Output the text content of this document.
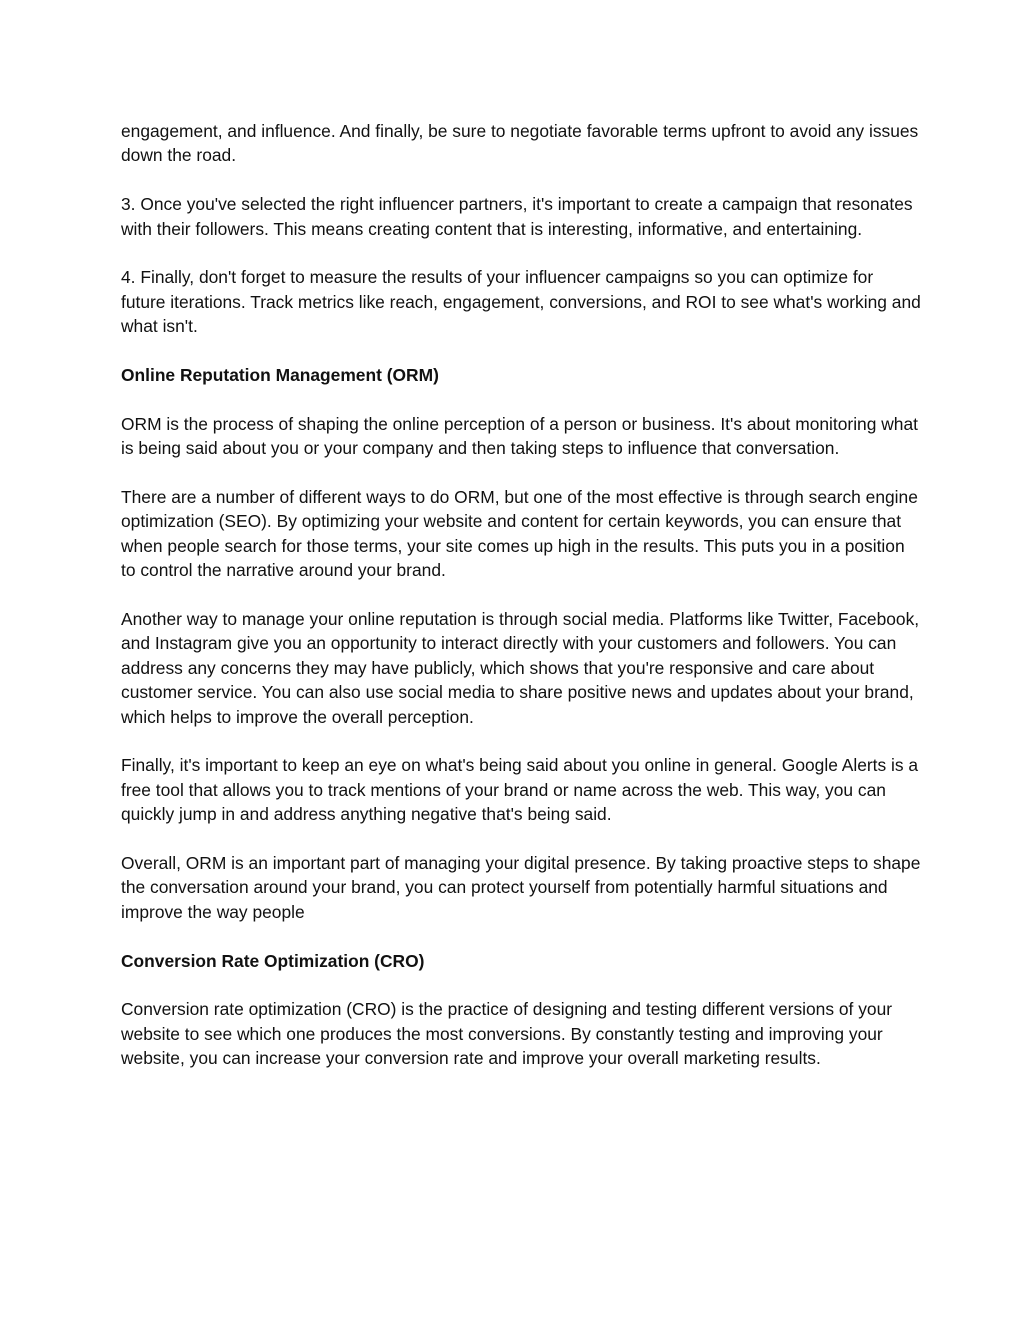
engagement, and influence. And finally, be sure to negotiate favorable terms upfront to avoid any issues down the road.

3. Once you've selected the right influencer partners, it's important to create a campaign that resonates with their followers. This means creating content that is interesting, informative, and entertaining.

4. Finally, don't forget to measure the results of your influencer campaigns so you can optimize for future iterations. Track metrics like reach, engagement, conversions, and ROI to see what's working and what isn't.

Online Reputation Management (ORM)

ORM is the process of shaping the online perception of a person or business. It's about monitoring what is being said about you or your company and then taking steps to influence that conversation.

There are a number of different ways to do ORM, but one of the most effective is through search engine optimization (SEO). By optimizing your website and content for certain keywords, you can ensure that when people search for those terms, your site comes up high in the results. This puts you in a position to control the narrative around your brand.

Another way to manage your online reputation is through social media. Platforms like Twitter, Facebook, and Instagram give you an opportunity to interact directly with your customers and followers. You can address any concerns they may have publicly, which shows that you're responsive and care about customer service. You can also use social media to share positive news and updates about your brand, which helps to improve the overall perception.

Finally, it's important to keep an eye on what's being said about you online in general. Google Alerts is a free tool that allows you to track mentions of your brand or name across the web. This way, you can quickly jump in and address anything negative that's being said.

Overall, ORM is an important part of managing your digital presence. By taking proactive steps to shape the conversation around your brand, you can protect yourself from potentially harmful situations and improve the way people

Conversion Rate Optimization (CRO)

Conversion rate optimization (CRO) is the practice of designing and testing different versions of your website to see which one produces the most conversions. By constantly testing and improving your website, you can increase your conversion rate and improve your overall marketing results.
